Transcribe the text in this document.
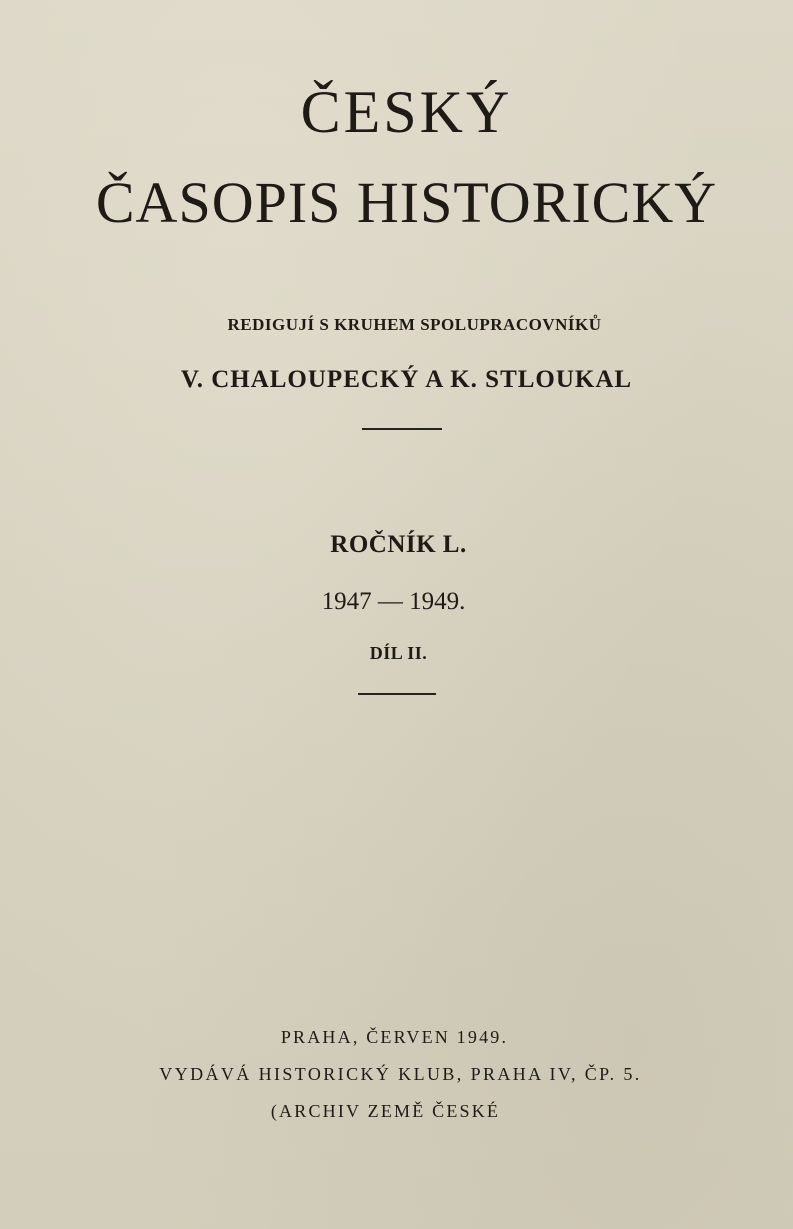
ČESKÝ
ČASOPIS HISTORICKÝ
REDIGUJÍ S KRUHEM SPOLUPRACOVNÍKŮ
V. CHALOUPECKÝ A K. STLOUKAL
ROČNÍK L.
1947 — 1949.
DÍL II.
PRAHA, ČERVEN 1949.
VYDÁVÁ HISTORICKÝ KLUB, PRAHA IV, ČP. 5.
(ARCHIV ZEMĚ ČESKÉ
